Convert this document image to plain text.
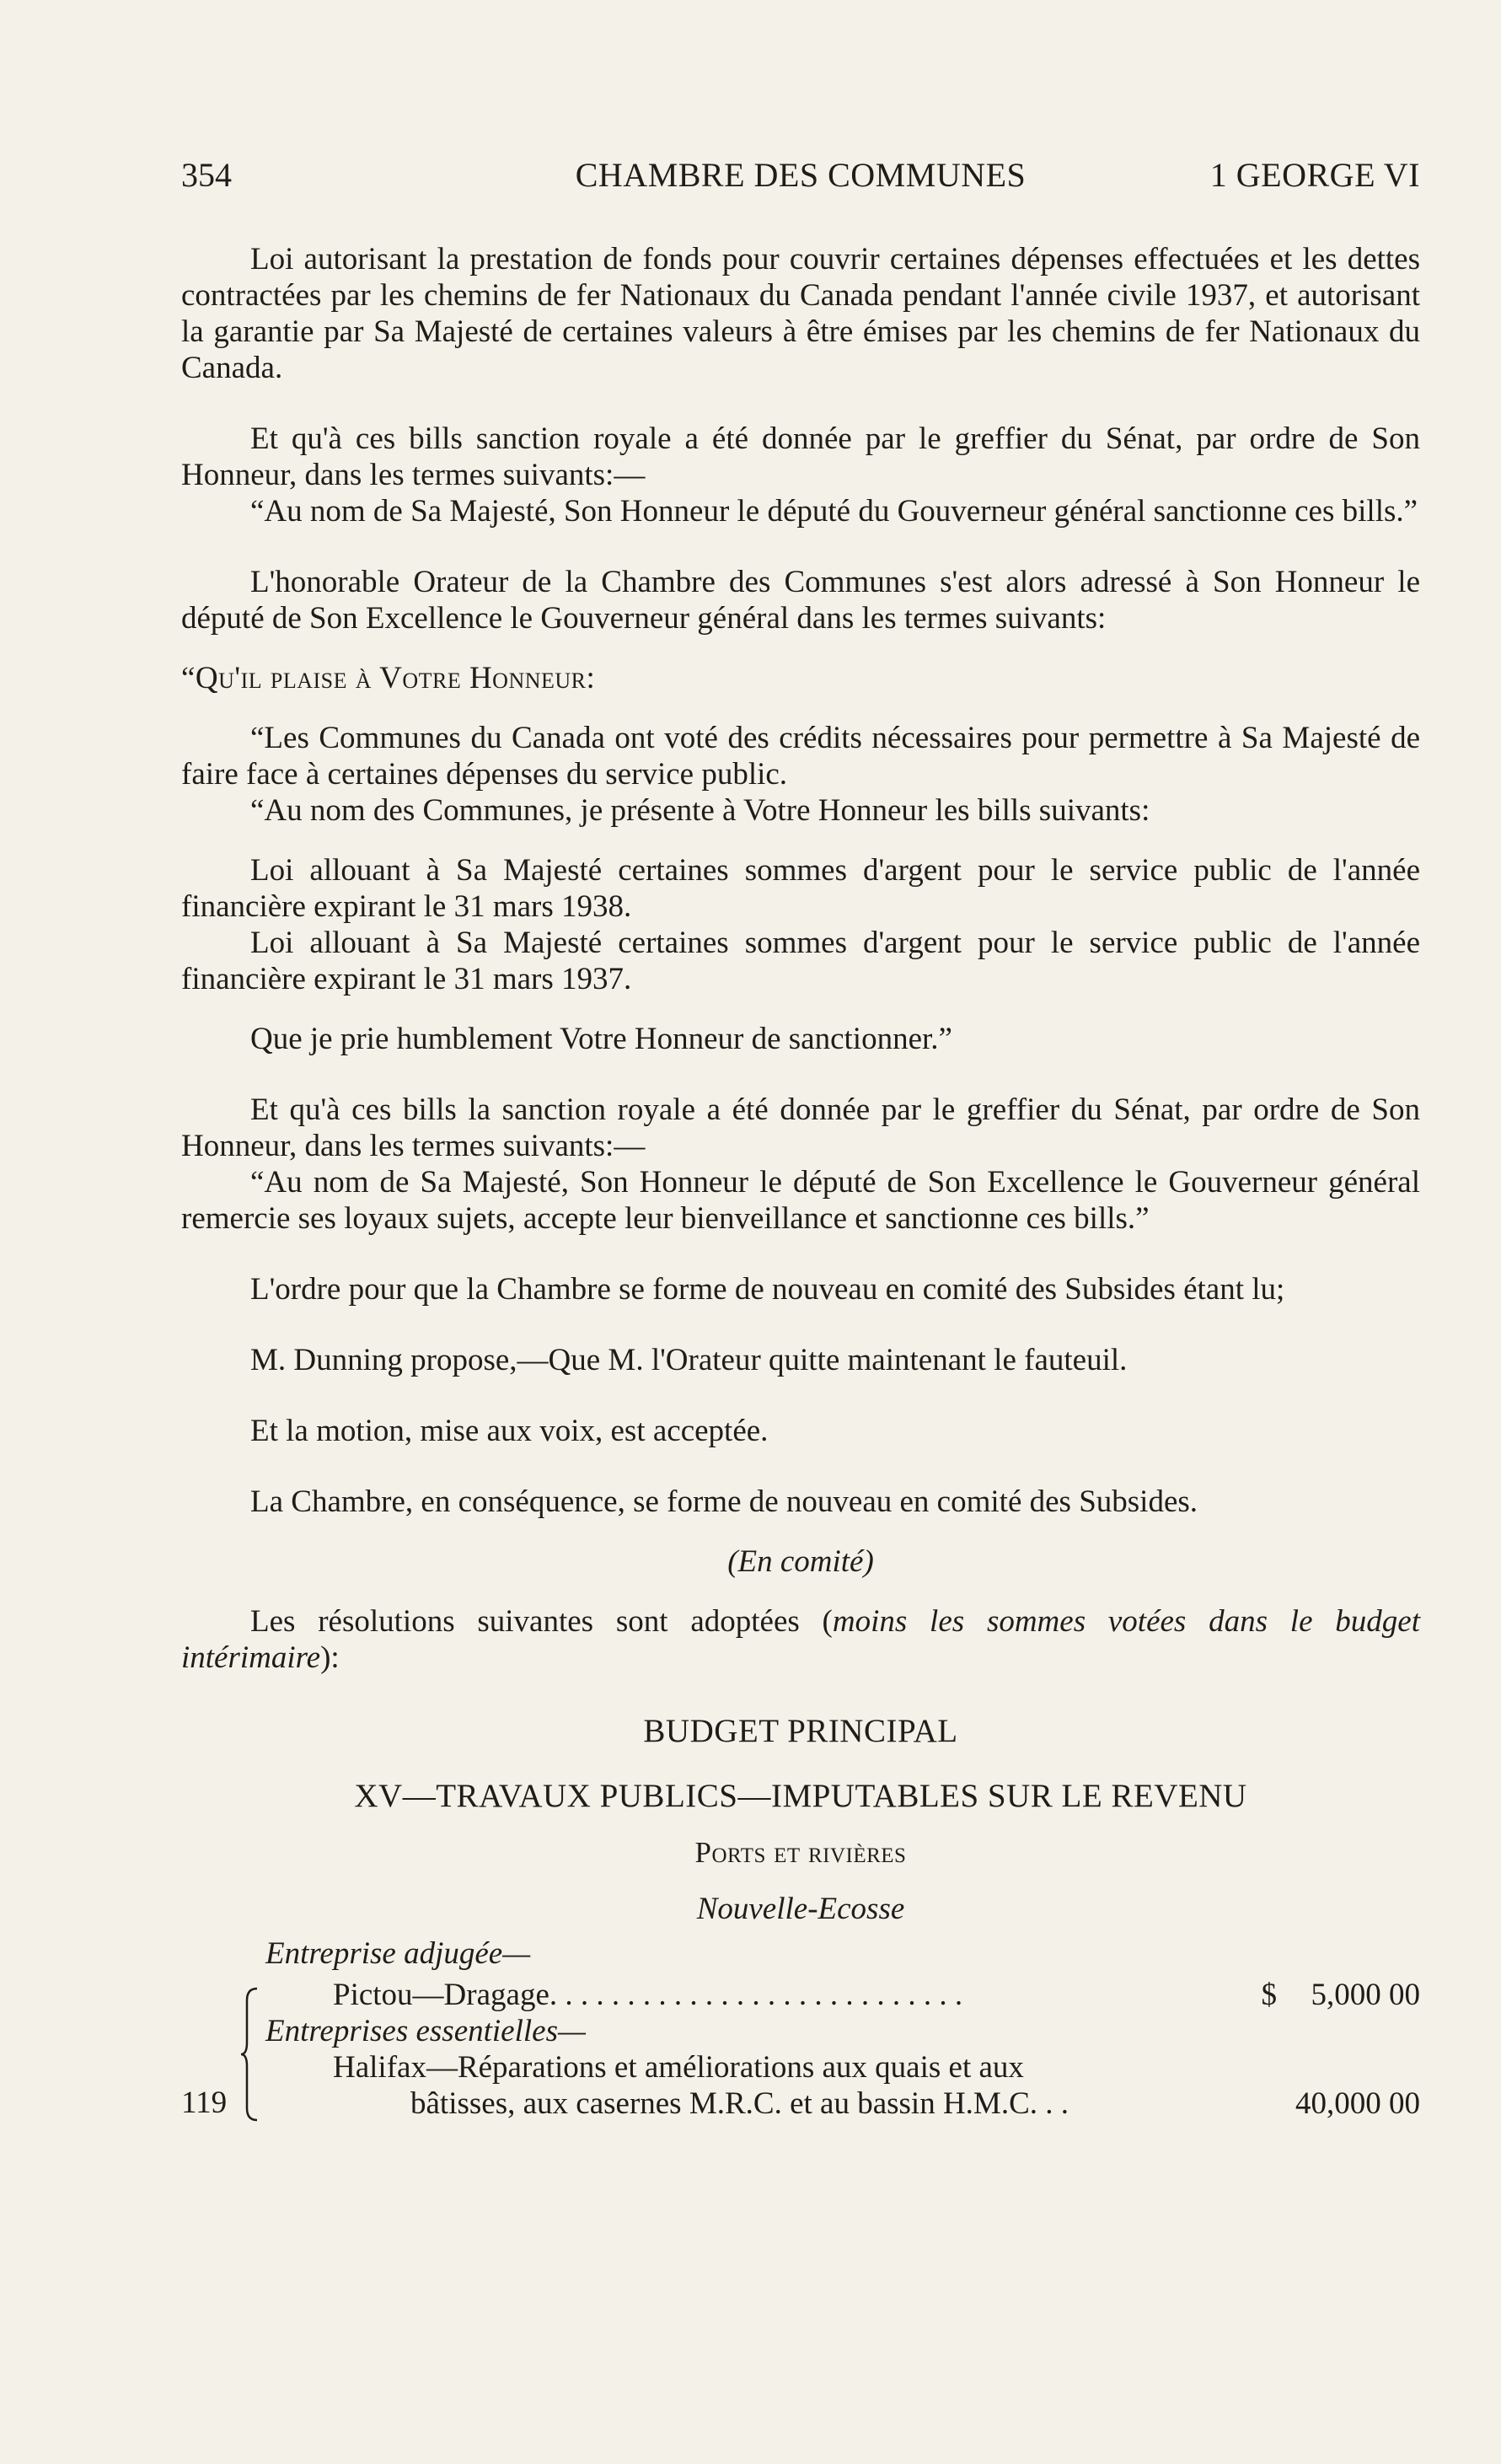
354	CHAMBRE DES COMMUNES	1 GEORGE VI

Loi autorisant la prestation de fonds pour couvrir certaines dépenses effectuées et les dettes contractées par les chemins de fer Nationaux du Canada pendant l'année civile 1937, et autorisant la garantie par Sa Majesté de certaines valeurs à être émises par les chemins de fer Nationaux du Canada.

Et qu'à ces bills sanction royale a été donnée par le greffier du Sénat, par ordre de Son Honneur, dans les termes suivants:—

“Au nom de Sa Majesté, Son Honneur le député du Gouverneur général sanctionne ces bills.”

L'honorable Orateur de la Chambre des Communes s'est alors adressé à Son Honneur le député de Son Excellence le Gouverneur général dans les termes suivants:

“Qu'il plaise à Votre Honneur:

“Les Communes du Canada ont voté des crédits nécessaires pour permettre à Sa Majesté de faire face à certaines dépenses du service public.

“Au nom des Communes, je présente à Votre Honneur les bills suivants:

Loi allouant à Sa Majesté certaines sommes d'argent pour le service public de l'année financière expirant le 31 mars 1938.

Loi allouant à Sa Majesté certaines sommes d'argent pour le service public de l'année financière expirant le 31 mars 1937.

Que je prie humblement Votre Honneur de sanctionner.”

Et qu'à ces bills la sanction royale a été donnée par le greffier du Sénat, par ordre de Son Honneur, dans les termes suivants:—

“Au nom de Sa Majesté, Son Honneur le député de Son Excellence le Gouverneur général remercie ses loyaux sujets, accepte leur bienveillance et sanctionne ces bills.”

L'ordre pour que la Chambre se forme de nouveau en comité des Subsides étant lu;

M. Dunning propose,—Que M. l'Orateur quitte maintenant le fauteuil.

Et la motion, mise aux voix, est acceptée.

La Chambre, en conséquence, se forme de nouveau en comité des Subsides.

(En comité)

Les résolutions suivantes sont adoptées (moins les sommes votées dans le budget intérimaire):

BUDGET PRINCIPAL
XV—TRAVAUX PUBLICS—IMPUTABLES SUR LE REVENU
Ports et rivières
Nouvelle-Ecosse
Entreprise adjugée—
119
Pictou—Dragage. . . . . . . . . . . . . . . . . . . . . . . . . . .	$ 5,000 00
Entreprises essentielles—
Halifax—Réparations et améliorations aux quais et aux
bâtisses, aux casernes M.R.C. et au bassin H.M.C. . .	40,000 00
